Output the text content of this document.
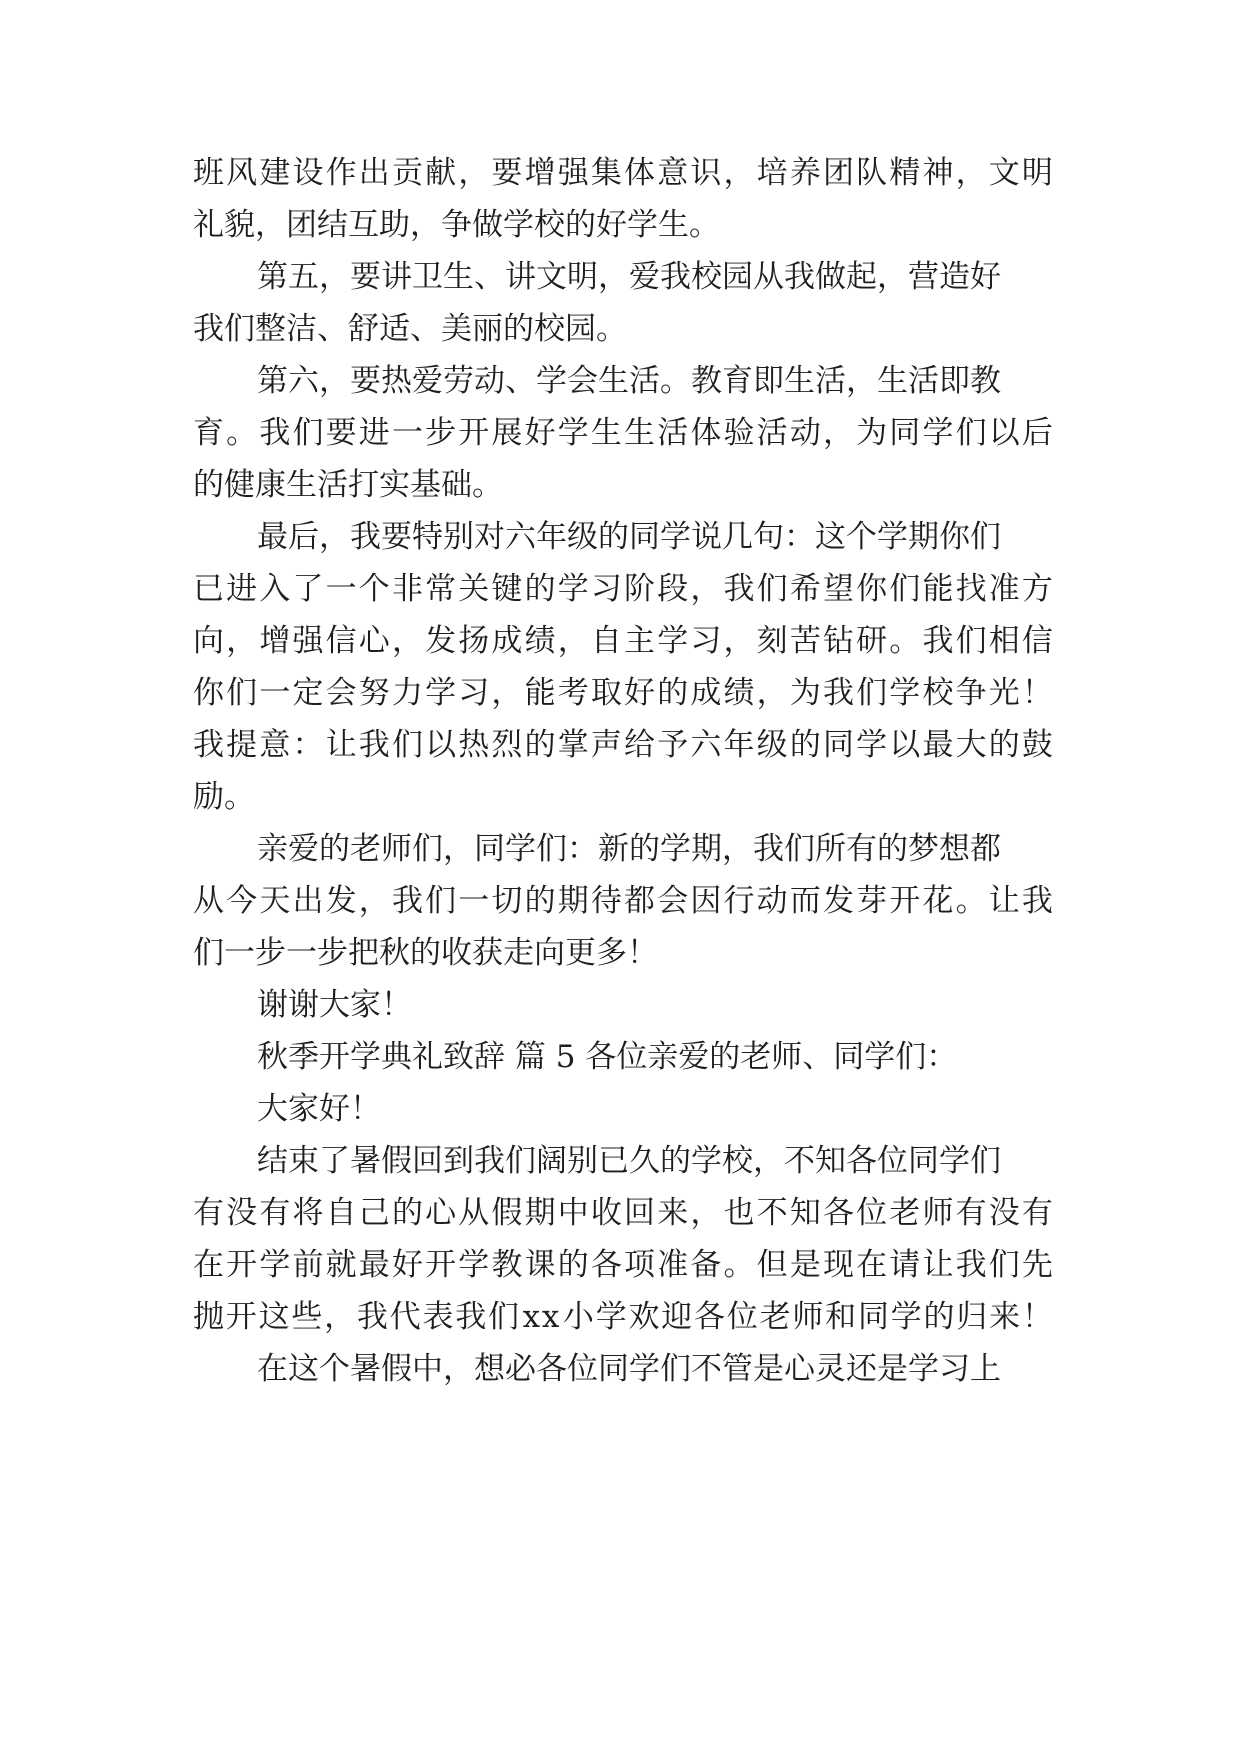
班 风 建 设 作 出 贡 献 ， 要 增 强 集 体 意 识 ， 培 养 团 队 精 神 ， 文 明
礼貌，团结互助，争做学校的好学生。
第五，要讲卫生、讲文明，爱我校园从我做起，营造好
我们整洁、舒适、美丽的校园。
第六，要热爱劳动、学会生活。教育即生活，生活即教
育 。 我 们 要 进 一 步 开 展 好 学 生 生 活 体 验 活 动 ， 为 同 学 们 以 后
的健康生活打实基础。
最后，我要特别对六年级的同学说几句：这个学期你们
已 进 入 了 一 个 非 常 关 键 的 学 习 阶 段 ， 我 们 希 望 你 们 能 找 准 方
向 ， 增 强 信 心 ， 发 扬 成 绩 ， 自 主 学 习 ， 刻 苦 钻 研 。 我 们 相 信
你 们 一 定 会 努 力 学 习 ， 能 考 取 好 的 成 绩 ， 为 我 们 学 校 争 光 ！
我 提 意 ： 让 我 们 以 热 烈 的 掌 声 给 予 六 年 级 的 同 学 以 最 大 的 鼓
励。
亲爱的老师们，同学们：新的学期，我们所有的梦想都
从 今 天 出 发 ， 我 们 一 切 的 期 待 都 会 因 行 动 而 发 芽 开 花 。 让 我
们一步一步把秋的收获走向更多！
谢谢大家！
秋季开学典礼致辞 篇 5 各位亲爱的老师、同学们：
大家好！
结束了暑假回到我们阔别已久的学校，不知各位同学们
有 没 有 将 自 己 的 心 从 假 期 中 收 回 来 ， 也 不 知 各 位 老 师 有 没 有
在 开 学 前 就 最 好 开 学 教 课 的 各 项 准 备 。 但 是 现 在 请 让 我 们 先
抛 开 这 些 ， 我 代 表 我 们 x x 小 学 欢 迎 各 位 老 师 和 同 学 的 归 来 ！
在这个暑假中，想必各位同学们不管是心灵还是学习上
